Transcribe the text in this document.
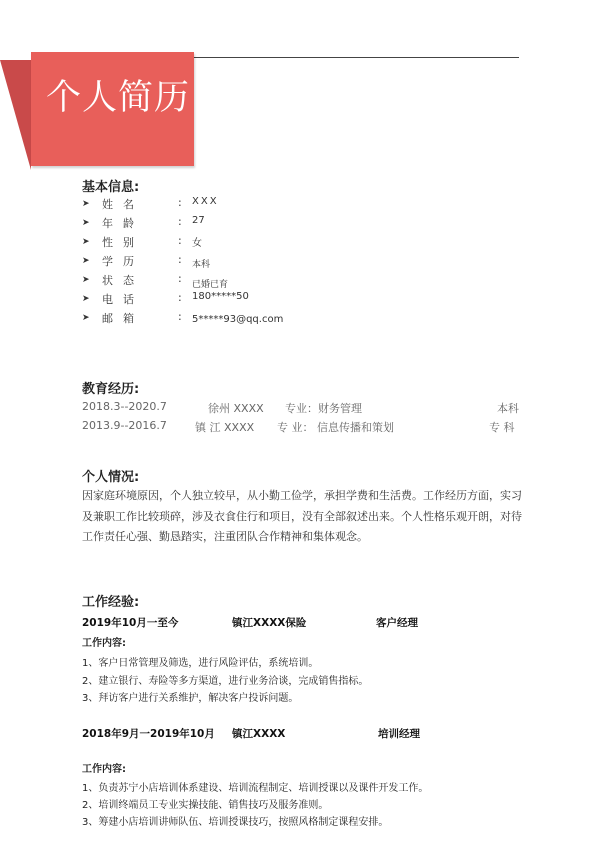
个人简历
基本信息:
➤ 姓名	: XXX
➤ 年龄	: 27
➤ 性别	: 女
➤ 学历	: 本科
➤ 状态	: 已婚已育
➤ 电话	: 180*****50
➤ 邮箱	: 5*****93@qq.com
教育经历:
2018.3--2020.7	徐州 XXXX 专业：财务管理	本科
2013.9--2016.7	镇 江 XXXX 专 业： 信息传播和策划	专 科
个人情况:
因家庭环境原因，个人独立较早，从小勤工俭学，承担学费和生活费。工作经历方面，实习及兼职工作比较琐碎，涉及衣食住行和项目，没有全部叙述出来。个人性格乐观开朗，对待工作责任心强、勤恳踏实，注重团队合作精神和集体观念。
工作经验:
2019年10月一至今	镇江XXXX保险	客户经理
工作内容:
1、客户日常管理及筛选，进行风险评估，系统培训。
2、建立银行、寿险等多方渠道，进行业务洽谈，完成销售指标。
3、拜访客户进行关系维护，解决客户投诉问题。
2018年9月一2019年10月 镇江XXXX	培训经理
工作内容:
1、负责苏宁小店培训体系建设、培训流程制定、培训授课以及课件开发工作。
2、培训终端员工专业实操技能、销售技巧及服务准则。
3、筹建小店培训讲师队伍、培训授课技巧，按照风格制定课程安排。
